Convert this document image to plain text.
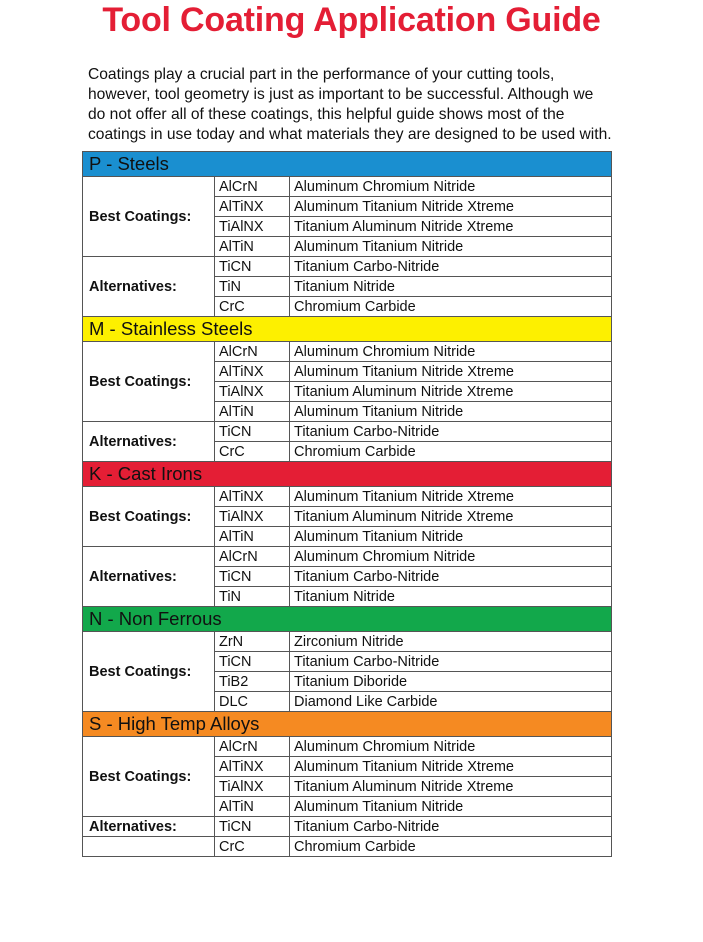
Tool Coating Application Guide

Coatings play a crucial part in the performance of your cutting tools, however, tool geometry is just as important to be successful. Although we do not offer all of these coatings, this helpful guide shows most of the coatings in use today and what materials they are designed to be used with.

P - Steels		
Best Coatings:	AlCrN	Aluminum Chromium Nitride
	AlTiNX	Aluminum Titanium Nitride Xtreme
	TiAlNX	Titanium Aluminum Nitride Xtreme
	AlTiN	Aluminum Titanium Nitride
Alternatives:	TiCN	Titanium Carbo-Nitride
	TiN	Titanium Nitride
	CrC	Chromium Carbide
M - Stainless Steels		
Best Coatings:	AlCrN	Aluminum Chromium Nitride
	AlTiNX	Aluminum Titanium Nitride Xtreme
	TiAlNX	Titanium Aluminum Nitride Xtreme
	AlTiN	Aluminum Titanium Nitride
Alternatives:	TiCN	Titanium Carbo-Nitride
	CrC	Chromium Carbide
K - Cast Irons		
Best Coatings:	AlTiNX	Aluminum Titanium Nitride Xtreme
	TiAlNX	Titanium Aluminum Nitride Xtreme
	AlTiN	Aluminum Titanium Nitride
Alternatives:	AlCrN	Aluminum Chromium Nitride
	TiCN	Titanium Carbo-Nitride
	TiN	Titanium Nitride
N - Non Ferrous		
Best Coatings:	ZrN	Zirconium Nitride
	TiCN	Titanium Carbo-Nitride
	TiB2	Titanium Diboride
	DLC	Diamond Like Carbide
S - High Temp Alloys		
Best Coatings:	AlCrN	Aluminum Chromium Nitride
	AlTiNX	Aluminum Titanium Nitride Xtreme
	TiAlNX	Titanium Aluminum Nitride Xtreme
	AlTiN	Aluminum Titanium Nitride
Alternatives:	TiCN	Titanium Carbo-Nitride
	CrC	Chromium Carbide
